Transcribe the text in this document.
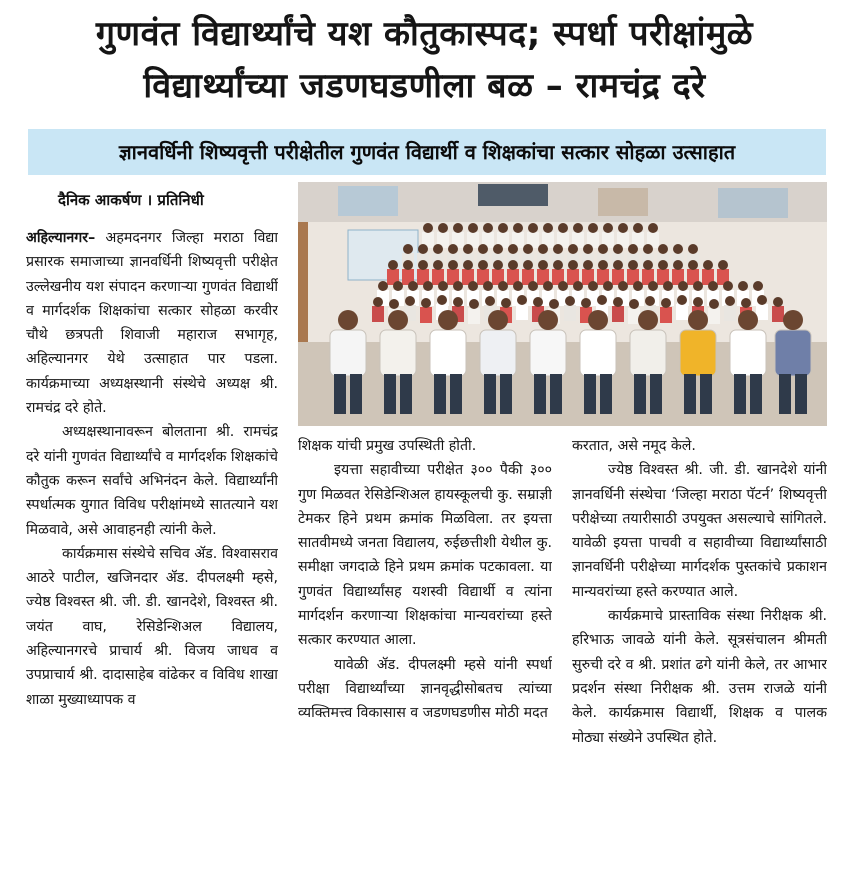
गुणवंत विद्यार्थ्यांचे यश कौतुकास्पद; स्पर्धा परीक्षांमुळे
विद्यार्थ्यांच्या जडणघडणीला बळ – रामचंद्र दरे
ज्ञानवर्धिनी शिष्यवृत्ती परीक्षेतील गुणवंत विद्यार्थी व शिक्षकांचा सत्कार सोहळा उत्साहात
दैनिक आकर्षण । प्रतिनिधी

अहिल्यानगर– अहमदनगर जिल्हा मराठा विद्या प्रसारक समाजाच्या ज्ञानवर्धिनी शिष्यवृत्ती परीक्षेत उल्लेखनीय यश संपादन करणाऱ्या गुणवंत विद्यार्थी व मार्गदर्शक शिक्षकांचा सत्कार सोहळा करवीर चौथे छत्रपती शिवाजी महाराज सभागृह, अहिल्यानगर येथे उत्साहात पार पडला. कार्यक्रमाच्या अध्यक्षस्थानी संस्थेचे अध्यक्ष श्री. रामचंद्र दरे होते.

अध्यक्षस्थानावरून बोलताना श्री. रामचंद्र दरे यांनी गुणवंत विद्यार्थ्यांचे व मार्गदर्शक शिक्षकांचे कौतुक करून सर्वांचे अभिनंदन केले. विद्यार्थ्यांनी स्पर्धात्मक युगात विविध परीक्षांमध्ये सातत्याने यश मिळवावे, असे आवाहनही त्यांनी केले.

कार्यक्रमास संस्थेचे सचिव ॲड. विश्वासराव आठरे पाटील, खजिनदार ॲड. दीपलक्ष्मी म्हसे, ज्येष्ठ विश्वस्त श्री. जी. डी. खानदेशे, विश्वस्त श्री. जयंत वाघ, रेसिडेन्शिअल विद्यालय, अहिल्यानगरचे प्राचार्य श्री. विजय जाधव व उपप्राचार्य श्री. दादासाहेब वांढेकर व विविध शाखा शाळा मुख्याध्यापक व

शिक्षक यांची प्रमुख उपस्थिती होती.

इयत्ता सहावीच्या परीक्षेत ३०० पैकी ३०० गुण मिळवत रेसिडेन्शिअल हायस्कूलची कु. सम्राज्ञी टेमकर हिने प्रथम क्रमांक मिळविला. तर इयत्ता सातवीमध्ये जनता विद्यालय, रुईछत्तीशी येथील कु. समीक्षा जगदाळे हिने प्रथम क्रमांक पटकावला. या गुणवंत विद्यार्थ्यांसह यशस्वी विद्यार्थी व त्यांना मार्गदर्शन करणाऱ्या शिक्षकांचा मान्यवरांच्या हस्ते सत्कार करण्यात आला.

यावेळी ॲड. दीपलक्ष्मी म्हसे यांनी स्पर्धा परीक्षा विद्यार्थ्यांच्या ज्ञानवृद्धीसोबतच त्यांच्या व्यक्तिमत्त्व विकासास व जडणघडणीस मोठी मदत

करतात, असे नमूद केले.

ज्येष्ठ विश्वस्त श्री. जी. डी. खानदेशे यांनी ज्ञानवर्धिनी संस्थेचा ‘जिल्हा मराठा पॅटर्न’ शिष्यवृत्ती परीक्षेच्या तयारीसाठी उपयुक्त असल्याचे सांगितले. यावेळी इयत्ता पाचवी व सहावीच्या विद्यार्थ्यांसाठी ज्ञानवर्धिनी परीक्षेच्या मार्गदर्शक पुस्तकांचे प्रकाशन मान्यवरांच्या हस्ते करण्यात आले.

कार्यक्रमाचे प्रास्ताविक संस्था निरीक्षक श्री. हरिभाऊ जावळे यांनी केले. सूत्रसंचालन श्रीमती सुरुची दरे व श्री. प्रशांत ढगे यांनी केले, तर आभार प्रदर्शन संस्था निरीक्षक श्री. उत्तम राजळे यांनी केले. कार्यक्रमास विद्यार्थी, शिक्षक व पालक मोठ्या संख्येने उपस्थित होते.
